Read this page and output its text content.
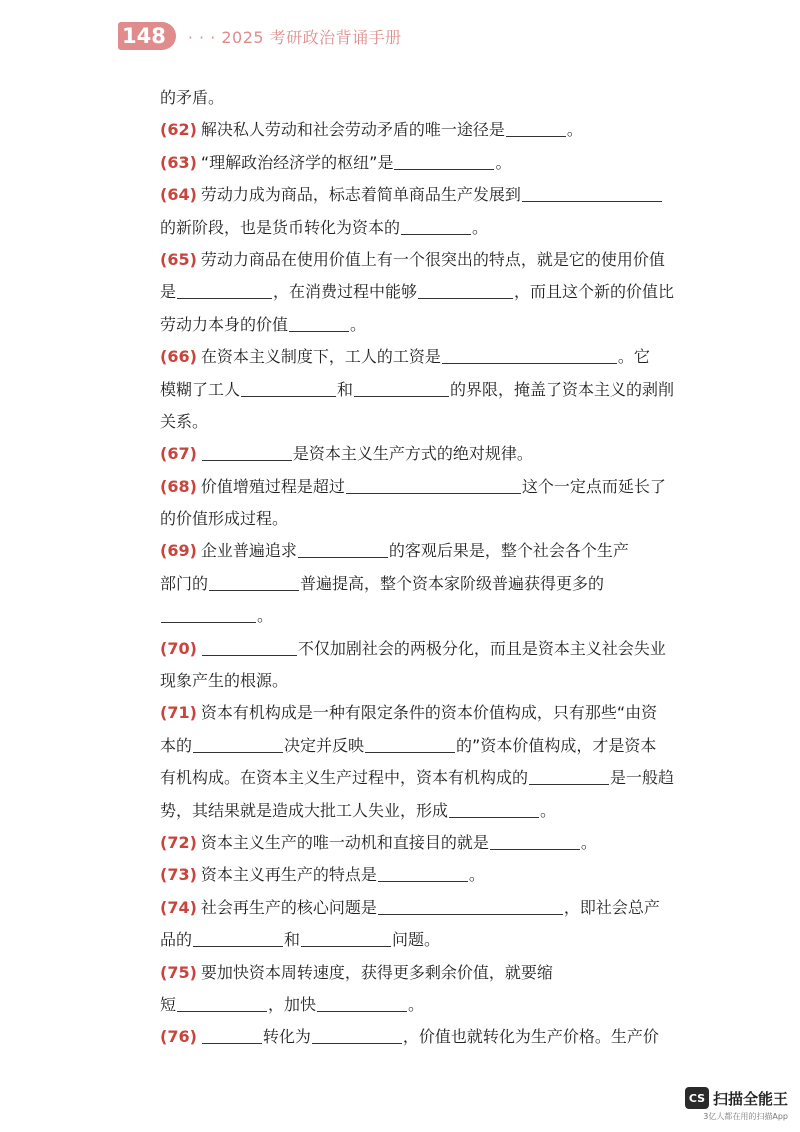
148	· · · 2025 考研政治背诵手册
的矛盾。
(62) 解决私人劳动和社会劳动矛盾的唯一途径是	。
(63) “理解政治经济学的枢纽”是	。
(64) 劳动力成为商品，标志着简单商品生产发展到
的新阶段，也是货币转化为资本的	。
(65) 劳动力商品在使用价值上有一个很突出的特点，就是它的使用价值
是	，在消费过程中能够	，而且这个新的价值比
劳动力本身的价值	。
(66) 在资本主义制度下，工人的工资是	。它
模糊了工人	和	的界限，掩盖了资本主义的剥削
关系。
(67)	是资本主义生产方式的绝对规律。
(68) 价值增殖过程是超过	这个一定点而延长了
的价值形成过程。
(69) 企业普遍追求	的客观后果是，整个社会各个生产
部门的	普遍提高，整个资本家阶级普遍获得更多的
。
(70)	不仅加剧社会的两极分化，而且是资本主义社会失业
现象产生的根源。
(71) 资本有机构成是一种有限定条件的资本价值构成，只有那些“由资
本的	决定并反映	的”资本价值构成，才是资本
有机构成。在资本主义生产过程中，资本有机构成的	是一般趋
势，其结果就是造成大批工人失业，形成	。
(72) 资本主义生产的唯一动机和直接目的就是	。
(73) 资本主义再生产的特点是	。
(74) 社会再生产的核心问题是	，即社会总产
品的	和	问题。
(75) 要加快资本周转速度，获得更多剩余价值，就要缩
短	，加快	。
(76)	转化为	，价值也就转化为生产价格。生产价
CS 扫描全能王
3亿人都在用的扫描App
